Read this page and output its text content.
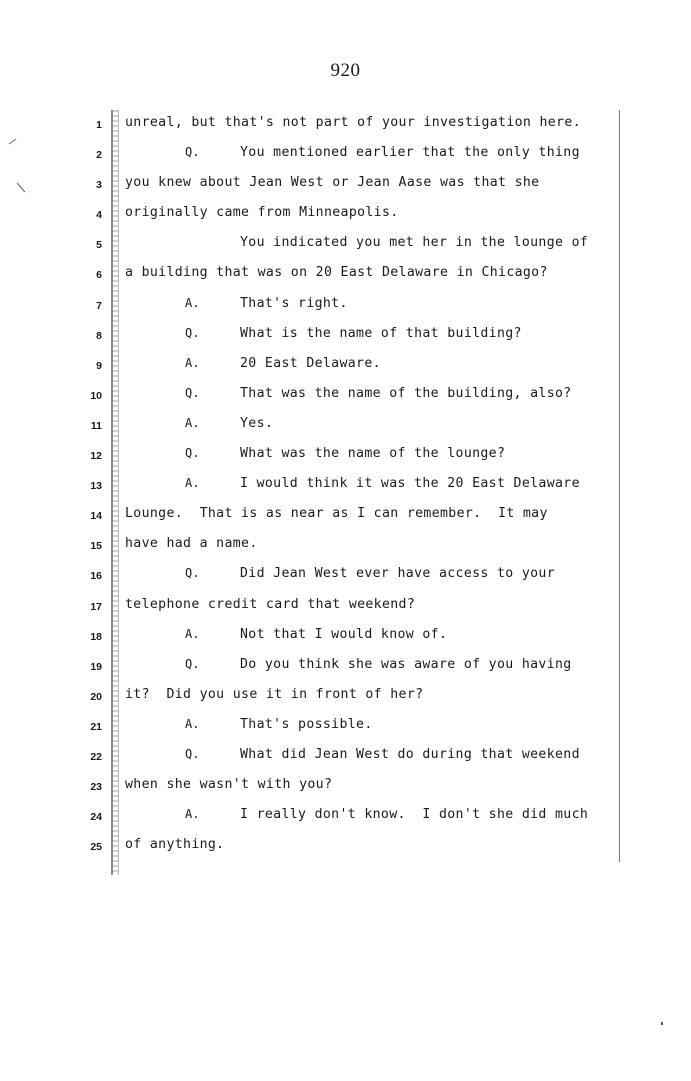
920
1 unreal, but that's not part of your investigation here.
2	Q.	You mentioned earlier that the only thing
3 you knew about Jean West or Jean Aase was that she
4 originally came from Minneapolis.
5	You indicated you met her in the lounge of
6 a building that was on 20 East Delaware in Chicago?
7	A.	That's right.
8	Q.	What is the name of that building?
9	A.	20 East Delaware.
10	Q.	That was the name of the building, also?
11	A.	Yes.
12	Q.	What was the name of the lounge?
13	A.	I would think it was the 20 East Delaware
14 Lounge.  That is as near as I can remember.  It may
15 have had a name.
16	Q.	Did Jean West ever have access to your
17 telephone credit card that weekend?
18	A.	Not that I would know of.
19	Q.	Do you think she was aware of you having
20 it?  Did you use it in front of her?
21	A.	That's possible.
22	Q.	What did Jean West do during that weekend
23 when she wasn't with you?
24	A.	I really don't know.  I don't she did much
25 of anything.
